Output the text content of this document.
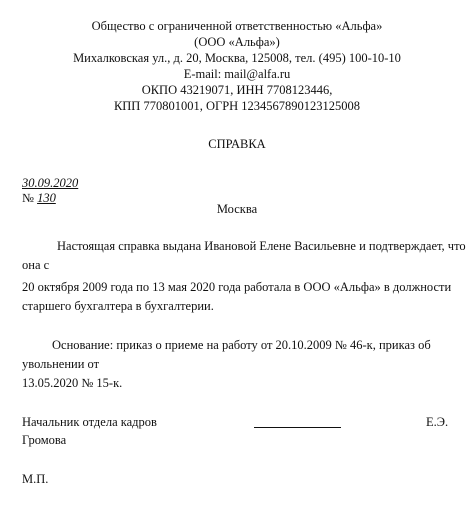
Общество с ограниченной ответственностью «Альфа»
(ООО «Альфа»)
Михалковская ул., д. 20, Москва, 125008, тел. (495) 100-10-10
E-mail: mail@alfa.ru
ОКПО 43219071, ИНН 7708123446,
КПП 770801001, ОГРН 1234567890123125008
СПРАВКА
30.09.2020
№ 130
Москва
Настоящая справка выдана Ивановой Елене Васильевне и подтверждает, что
она с
20 октября 2009 года по 13 мая 2020 года работала в ООО «Альфа» в должности
старшего бухгалтера в бухгалтерии.
Основание: приказ о приеме на работу от 20.10.2009 № 46-к, приказ об
увольнении от
13.05.2020 № 15-к.
Начальник отдела кадров	Е.Э.
Громова
М.П.
